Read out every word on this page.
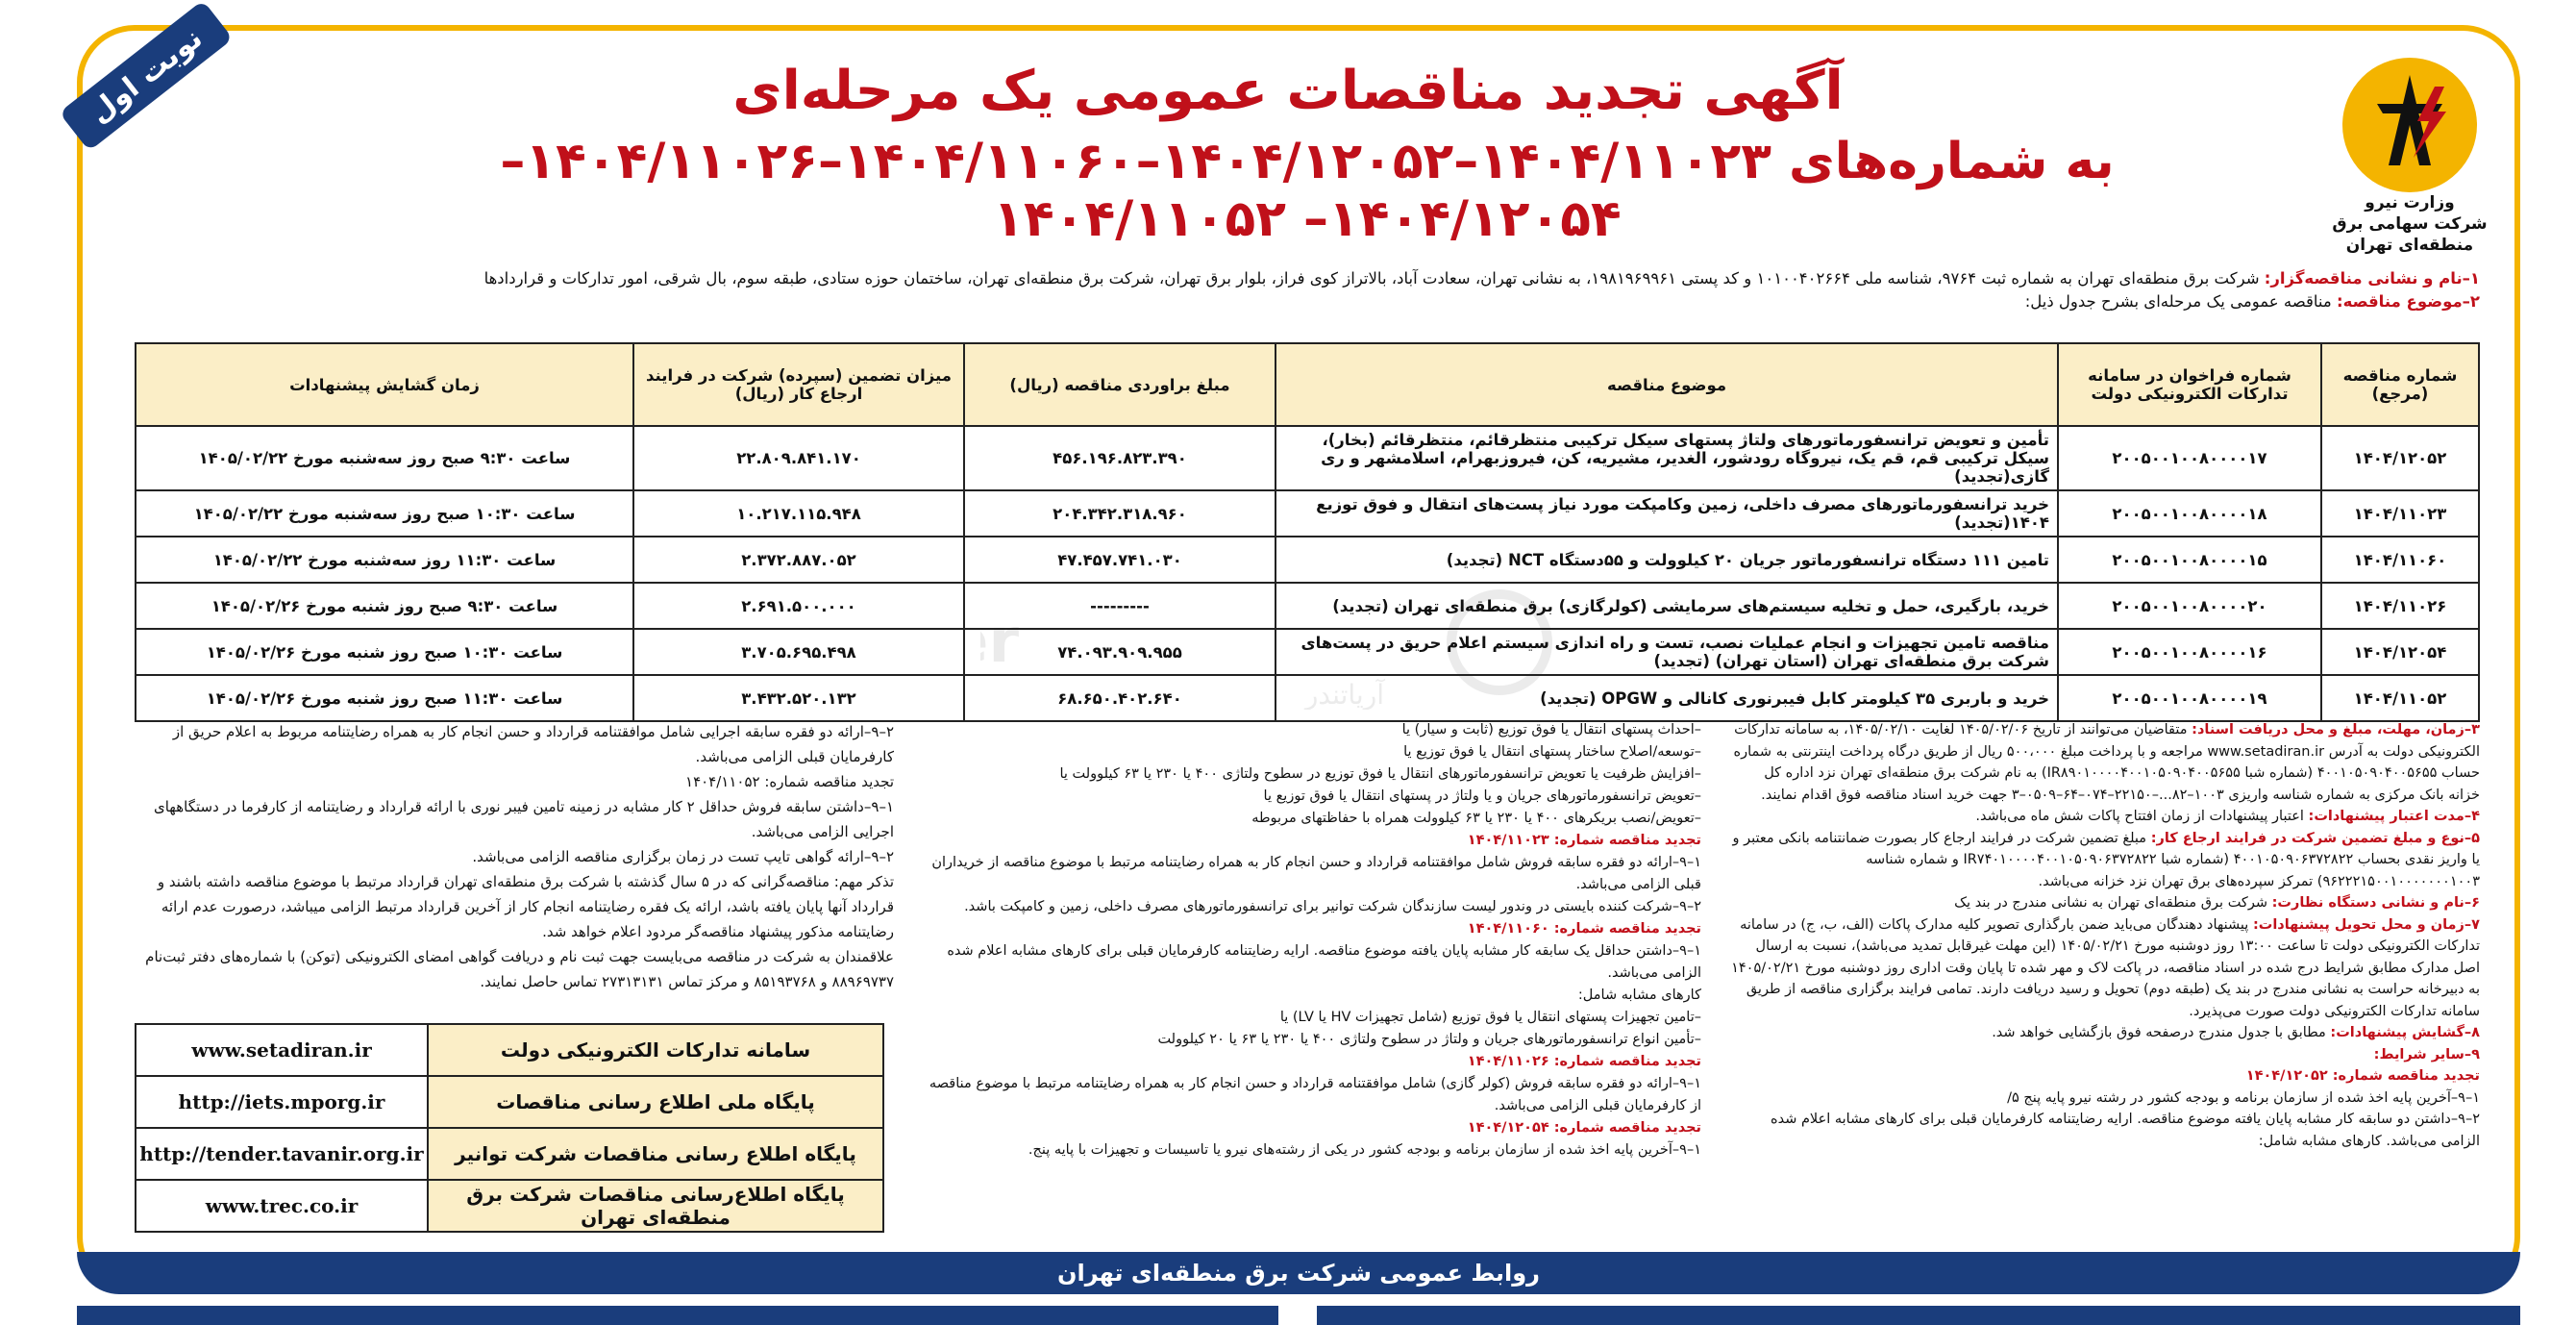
نوبت اول
وزارت نیرو
شرکت سهامی برق منطقه‌ای تهران
آگهی تجدید مناقصات عمومی یک مرحله‌ای
به شماره‌های ۱۴۰۴/۱۱۰۲۳–۱۴۰۴/۱۲۰۵۲–۱۴۰۴/۱۱۰۶۰–۱۴۰۴/۱۱۰۲۶– ۱۴۰۴/۱۲۰۵۴– ۱۴۰۴/۱۱۰۵۲
۱–نام و نشانی مناقصه‌گزار: شرکت برق منطقه‌ای تهران به شماره ثبت ۹۷۶۴، شناسه ملی ۱۰۱۰۰۴۰۲۶۶۴ و کد پستی ۱۹۸۱۹۶۹۹۶۱، به نشانی تهران، سعادت آباد، بالاتراز کوی فراز، بلوار برق تهران، شرکت برق منطقه‌ای تهران، ساختمان حوزه ستادی، طبقه سوم، بال شرقی، امور تدارکات و قراردادها
۲–موضوع مناقصه: مناقصه عمومی یک مرحله‌ای بشرح جدول ذیل:
r
آریاتندر
شماره مناقصه (مرجع)	شماره فراخوان در سامانه تدارکات الکترونیکی دولت	موضوع مناقصه	مبلغ براوردی مناقصه (ریال)	میزان تضمین (سپرده) شرکت در فرایند ارجاع کار (ریال)	زمان گشایش پیشنهادات
۱۴۰۴/۱۲۰۵۲	۲۰۰۵۰۰۱۰۰۸۰۰۰۰۱۷	تأمین و تعویض ترانسفورماتورهای ولتاژ پستهای سیکل ترکیبی منتظرقائم، منتظرقائم (بخار)، سیکل ترکیبی قم، قم یک، نیروگاه رودشور، الغدیر، مشیریه، کن، فیروزبهرام، اسلامشهر و ری گازی(تجدید)	۴۵۶.۱۹۶.۸۲۳.۳۹۰	۲۲.۸۰۹.۸۴۱.۱۷۰	ساعت ۹:۳۰ صبح روز سه‌شنبه مورخ ۱۴۰۵/۰۲/۲۲
۱۴۰۴/۱۱۰۲۳	۲۰۰۵۰۰۱۰۰۸۰۰۰۰۱۸	خرید ترانسفورماتورهای مصرف داخلی، زمین وکامپکت مورد نیاز پست‌های انتقال و فوق توزیع ۱۴۰۴(تجدید)	۲۰۴.۳۴۲.۳۱۸.۹۶۰	۱۰.۲۱۷.۱۱۵.۹۴۸	ساعت ۱۰:۳۰ صبح روز سه‌شنبه مورخ ۱۴۰۵/۰۲/۲۲
۱۴۰۴/۱۱۰۶۰	۲۰۰۵۰۰۱۰۰۸۰۰۰۰۱۵	تامین ۱۱۱ دستگاه ترانسفورماتور جریان ۲۰ کیلوولت و ۵۵دستگاه NCT (تجدید)	۴۷.۴۵۷.۷۴۱.۰۳۰	۲.۳۷۲.۸۸۷.۰۵۲	ساعت ۱۱:۳۰ روز سه‌شنبه مورخ ۱۴۰۵/۰۲/۲۲
۱۴۰۴/۱۱۰۲۶	۲۰۰۵۰۰۱۰۰۸۰۰۰۰۲۰	خرید، بارگیری، حمل و تخلیه سیستم‌های سرمایشی (کولرگازی) برق منطقه‌ای تهران (تجدید)	---------	۲.۶۹۱.۵۰۰.۰۰۰	ساعت ۹:۳۰ صبح روز شنبه مورخ ۱۴۰۵/۰۲/۲۶
۱۴۰۴/۱۲۰۵۴	۲۰۰۵۰۰۱۰۰۸۰۰۰۰۱۶	مناقصه تامین تجهیزات و انجام عملیات نصب، تست و راه اندازی سیستم اعلام حریق در پست‌های شرکت برق منطقه‌ای تهران (استان تهران) (تجدید)	۷۴.۰۹۳.۹۰۹.۹۵۵	۳.۷۰۵.۶۹۵.۴۹۸	ساعت ۱۰:۳۰ صبح روز شنبه مورخ ۱۴۰۵/۰۲/۲۶
۱۴۰۴/۱۱۰۵۲	۲۰۰۵۰۰۱۰۰۸۰۰۰۰۱۹	خرید و باربری ۳۵ کیلومتر کابل فیبرنوری کانالی و OPGW (تجدید)	۶۸.۶۵۰.۴۰۲.۶۴۰	۳.۴۳۲.۵۲۰.۱۳۲	ساعت ۱۱:۳۰ صبح روز شنبه مورخ ۱۴۰۵/۰۲/۲۶

۳–زمان، مهلت، مبلغ و محل دریافت اسناد: متقاضیان می‌توانند از تاریخ ۱۴۰۵/۰۲/۰۶ لغایت ۱۴۰۵/۰۲/۱۰، به سامانه تدارکات الکترونیکی دولت به آدرس www.setadiran.ir مراجعه و با پرداخت مبلغ ۵۰۰،۰۰۰ ریال از طریق درگاه پرداخت اینترنتی به شماره حساب ۴۰۰۱۰۵۰۹۰۴۰۰۵۶۵۵ (شماره شبا IR۸۹۰۱۰۰۰۰۴۰۰۱۰۵۰۹۰۴۰۰۵۶۵۵) به نام شرکت برق منطقه‌ای تهران نزد اداره کل خزانه بانک مرکزی به شماره شناسه واریزی ۱۰۰۳–۸۲...–۲۲۱۵۰–۰۷۴–۶۴–۰۵۰۹–۳ جهت خرید اسناد مناقصه فوق اقدام نمایند.

۴–مدت اعتبار پیشنهادات: اعتبار پیشنهادات از زمان افتتاح پاکات شش ماه می‌باشد.

۵–نوع و مبلغ تضمین شرکت در فرایند ارجاع کار: مبلغ تضمین شرکت در فرایند ارجاع کار بصورت ضمانتنامه بانکی معتبر و یا واریز نقدی بحساب ۴۰۰۱۰۵۰۹۰۶۳۷۲۸۲۲ (شماره شبا IR۷۴۰۱۰۰۰۰۴۰۰۱۰۵۰۹۰۶۳۷۲۸۲۲ و شماره شناسه ۹۶۲۲۲۱۵۰۰۱۰۰۰۰۰۰۰۱۰۰۳) تمرکز سپرده‌های برق تهران نزد خزانه می‌باشد.

۶–نام و نشانی دستگاه نظارت: شرکت برق منطقه‌ای تهران به نشانی مندرج در بند یک

۷–زمان و محل تحویل پیشنهادات: پیشنهاد دهندگان می‌باید ضمن بارگذاری تصویر کلیه مدارک پاکات (الف، ب، ج) در سامانه تدارکات الکترونیکی دولت تا ساعت ۱۳:۰۰ روز دوشنبه مورخ ۱۴۰۵/۰۲/۲۱ (این مهلت غیرقابل تمدید می‌باشد)، نسبت به ارسال اصل مدارک مطابق شرایط درج شده در اسناد مناقصه، در پاکت لاک و مهر شده تا پایان وقت اداری روز دوشنبه مورخ ۱۴۰۵/۰۲/۲۱ به دبیرخانه حراست به نشانی مندرج در بند یک (طبقه دوم) تحویل و رسید دریافت دارند. تمامی فرایند برگزاری مناقصه از طریق سامانه تدارکات الکترونیکی دولت صورت می‌پذیرد.

۸–گشایش پیشنهادات: مطابق با جدول مندرج درصفحه فوق بازگشایی خواهد شد.

۹–سایر شرایط:

تجدید مناقصه شماره: ۱۴۰۴/۱۲۰۵۲

۱–۹–آخرین پایه اخذ شده از سازمان برنامه و بودجه کشور در رشته نیرو پایه پنج ۵/

۲–۹–داشتن دو سابقه کار مشابه پایان یافته موضوع مناقصه. ارایه رضایتنامه کارفرمایان قبلی برای کارهای مشابه اعلام شده الزامی می‌باشد. کارهای مشابه شامل:

–احداث پستهای انتقال یا فوق توزیع (ثابت و سیار) یا

–توسعه/اصلاح ساختار پستهای انتقال یا فوق توزیع یا

–افزایش ظرفیت یا تعویض ترانسفورماتورهای انتقال یا فوق توزیع در سطوح ولتاژی ۴۰۰ یا ۲۳۰ یا ۶۳ کیلوولت یا

–تعویض ترانسفورماتورهای جریان و یا ولتاژ در پستهای انتقال یا فوق توزیع یا

–تعویض/نصب بریکرهای ۴۰۰ یا ۲۳۰ یا ۶۳ کیلوولت همراه با حفاظتهای مربوطه

تجدید مناقصه شماره: ۱۴۰۴/۱۱۰۲۳

۱–۹–ارائه دو فقره سابقه فروش شامل موافقتنامه قرارداد و حسن انجام کار به همراه رضایتنامه مرتبط با موضوع مناقصه از خریداران قبلی الزامی می‌باشد.

۲–۹–شرکت کننده بایستی در وندور لیست سازندگان شرکت توانیر برای ترانسفورماتورهای مصرف داخلی، زمین و کامپکت باشد.

تجدید مناقصه شماره: ۱۴۰۴/۱۱۰۶۰

۱–۹–داشتن حداقل یک سابقه کار مشابه پایان یافته موضوع مناقصه. ارایه رضایتنامه کارفرمایان قبلی برای کارهای مشابه اعلام شده الزامی می‌باشد.

کارهای مشابه شامل:

–تامین تجهیزات پستهای انتقال یا فوق توزیع (شامل تجهیزات HV یا LV) یا

–تأمین انواع ترانسفورماتورهای جریان و ولتاژ در سطوح ولتاژی ۴۰۰ یا ۲۳۰ یا ۶۳ یا ۲۰ کیلوولت

تجدید مناقصه شماره: ۱۴۰۴/۱۱۰۲۶

۱–۹–ارائه دو فقره سابقه فروش (کولر گازی) شامل موافقتنامه قرارداد و حسن انجام کار به همراه رضایتنامه مرتبط با موضوع مناقصه از کارفرمایان قبلی الزامی می‌باشد.

تجدید مناقصه شماره: ۱۴۰۴/۱۲۰۵۴

۱–۹–آخرین پایه اخذ شده از سازمان برنامه و بودجه کشور در یکی از رشته‌های نیرو یا تاسیسات و تجهیزات با پایه پنج.

۲–۹–ارائه دو فقره سابقه اجرایی شامل موافقتنامه قرارداد و حسن انجام کار به همراه رضایتنامه مربوط به اعلام حریق از کارفرمایان قبلی الزامی می‌باشد.

تجدید مناقصه شماره: ۱۴۰۴/۱۱۰۵۲

۱–۹–داشتن سابقه فروش حداقل ۲ کار مشابه در زمینه تامین فیبر نوری با ارائه قرارداد و رضایتنامه از کارفرما در دستگاههای اجرایی الزامی می‌باشد.

۲–۹–ارائه گواهی تایپ تست در زمان برگزاری مناقصه الزامی می‌باشد.

تذکر مهم: مناقصه‌گرانی که در ۵ سال گذشته با شرکت برق منطقه‌ای تهران قرارداد مرتبط با موضوع مناقصه داشته باشند و قرارداد آنها پایان یافته باشد، ارائه یک فقره رضایتنامه انجام کار از آخرین قرارداد مرتبط الزامی میباشد، درصورت عدم ارائه رضایتنامه مذکور پیشنهاد مناقصه‌گر مردود اعلام خواهد شد.

علاقمندان به شرکت در مناقصه می‌بایست جهت ثبت نام و دریافت گواهی امضای الکترونیکی (توکن) با شماره‌های دفتر ثبت‌نام ۸۸۹۶۹۷۳۷ و ۸۵۱۹۳۷۶۸ و مرکز تماس ۲۷۳۱۳۱۳۱ تماس حاصل نمایند.

سامانه تدارکات الکترونیکی دولت	www.setadiran.ir
پایگاه ملی اطلاع رسانی مناقصات	http://iets.mporg.ir
پایگاه اطلاع رسانی مناقصات شرکت توانیر	http://tender.tavanir.org.ir
پایگاه اطلاع‌رسانی مناقصات شرکت برق منطقه‌ای تهران	www.trec.co.ir
روابط عمومی شرکت برق منطقه‌ای تهران
